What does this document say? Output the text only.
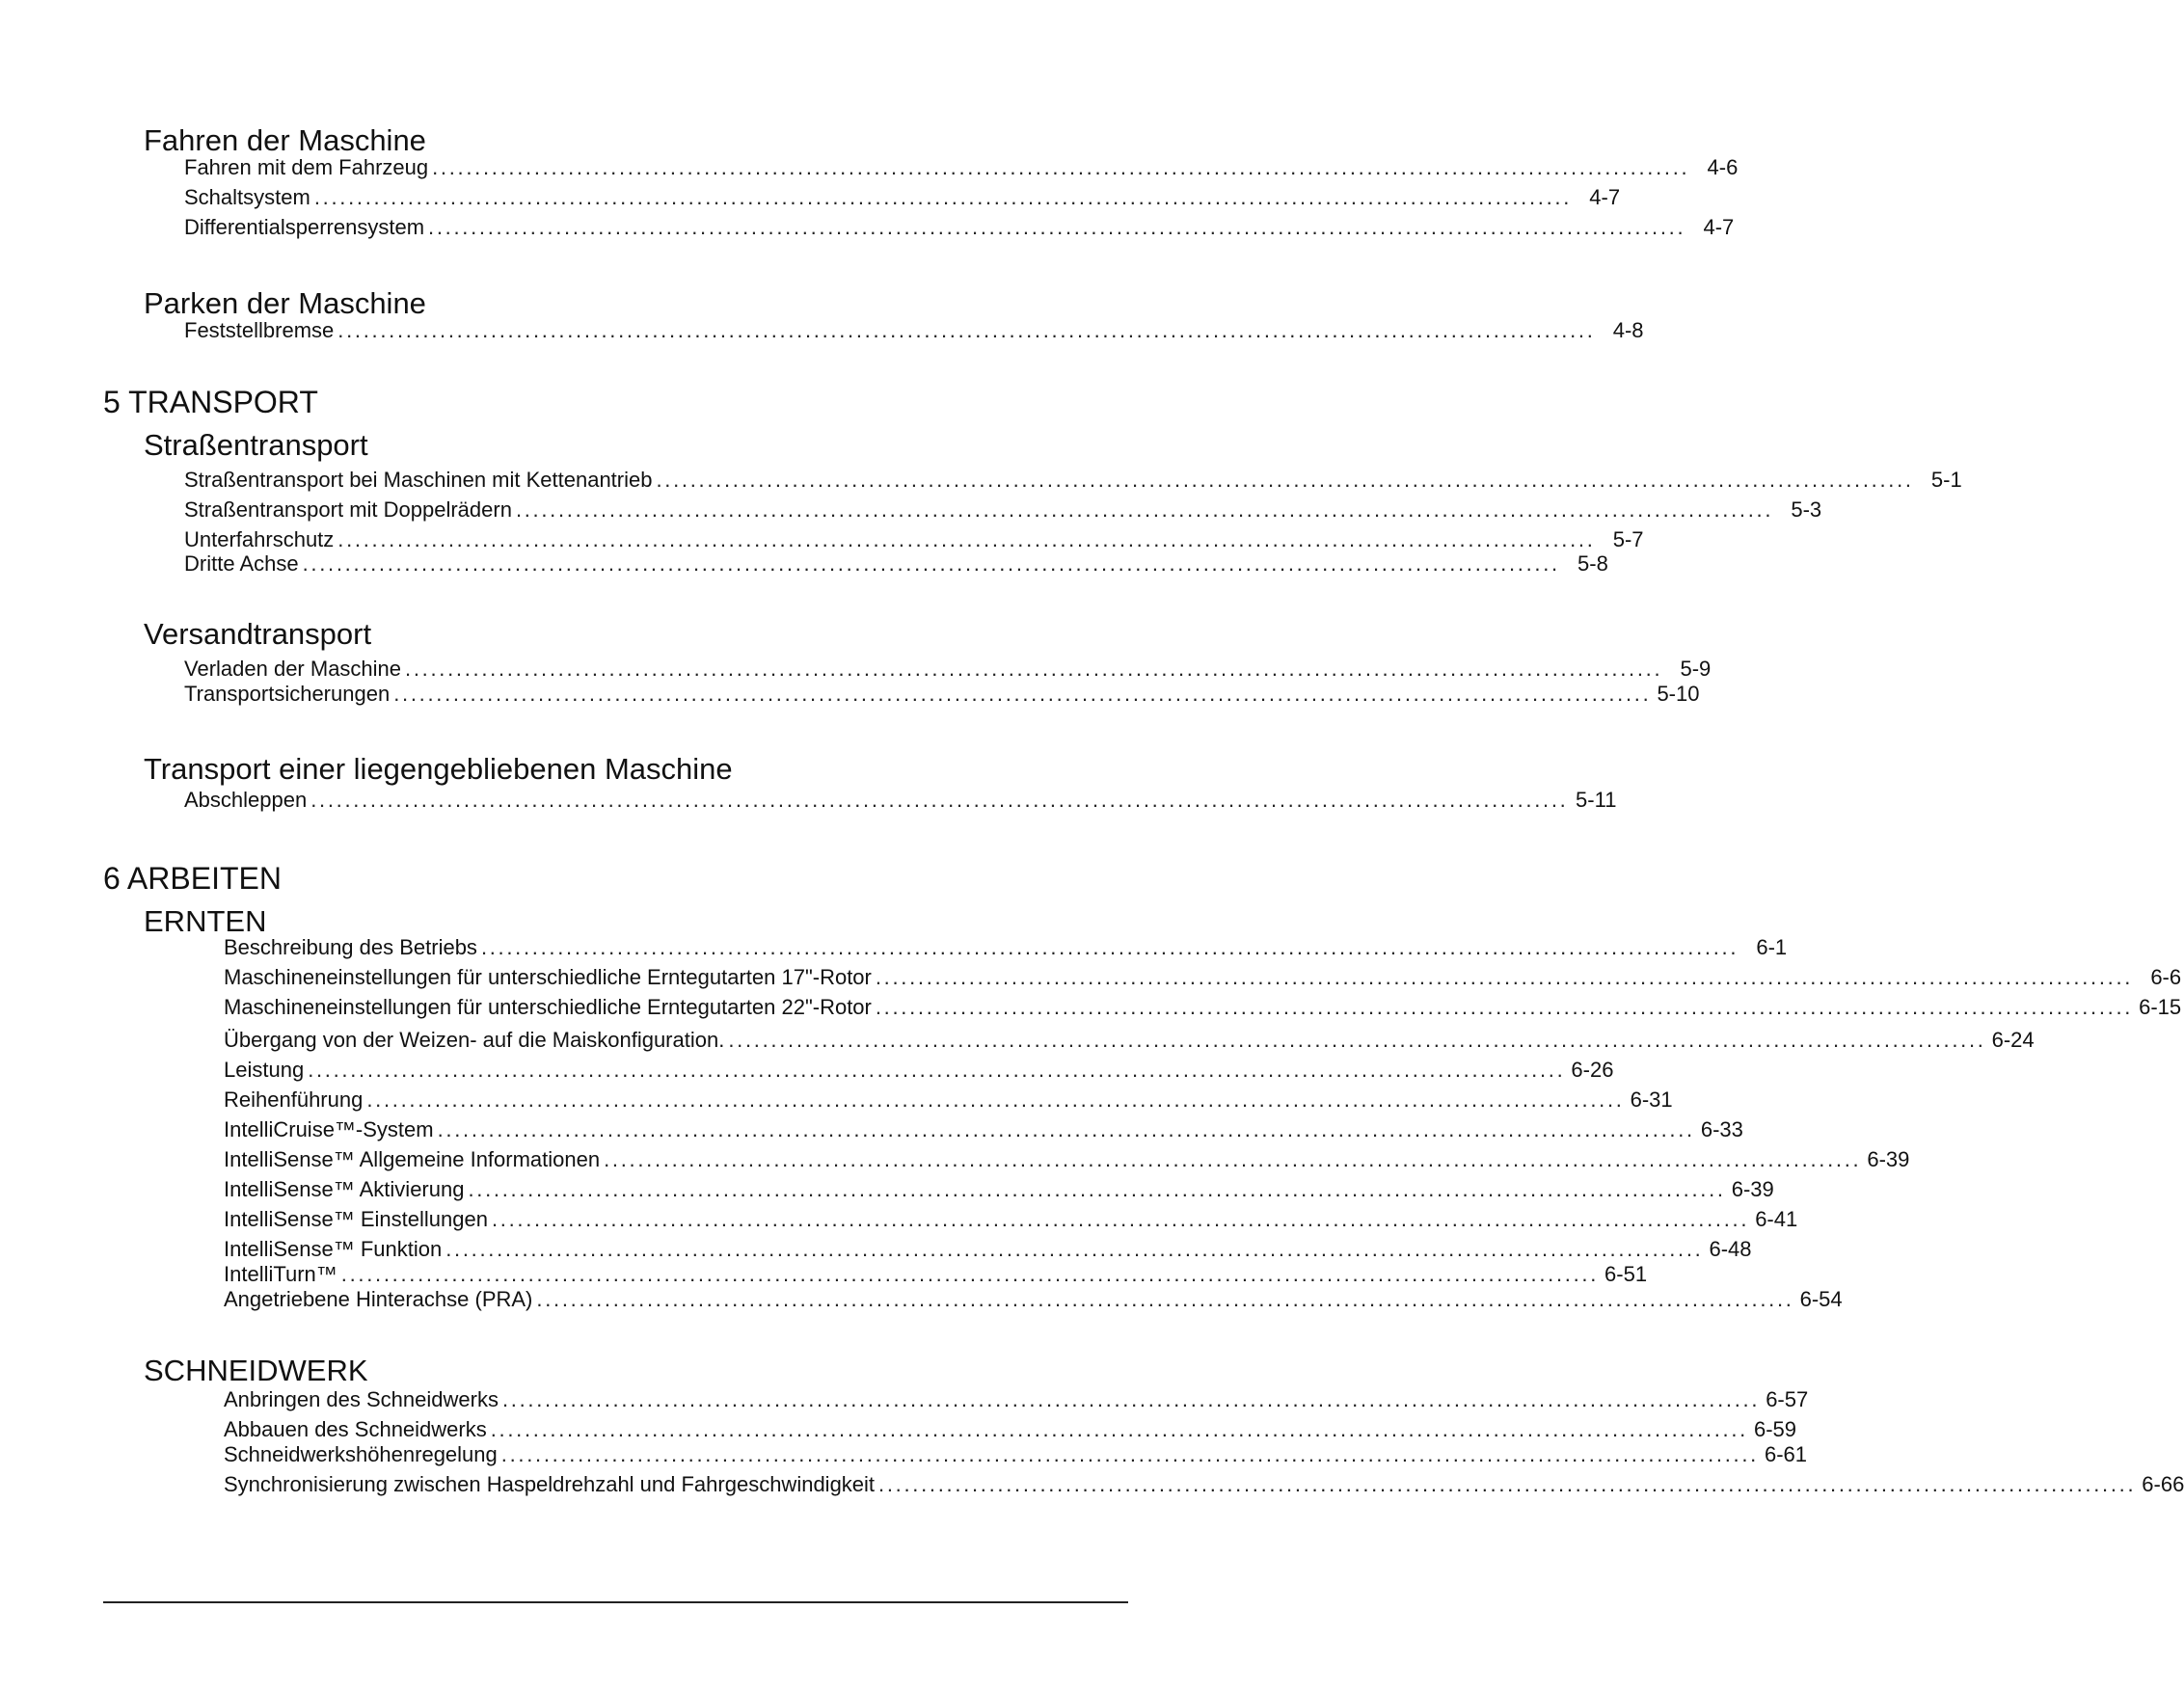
Fahren der Maschine
Fahren mit dem Fahrzeug .................................................................................................................................................... 4-6
Schaltsystem .................................................................................................................................................... 4-7
Differentialsperrensystem .................................................................................................................................................... 4-7
Parken der Maschine
Feststellbremse .................................................................................................................................................... 4-8
5 TRANSPORT
Straßentransport
Straßentransport bei Maschinen mit Kettenantrieb .................................................................................................................................................... 5-1
Straßentransport mit Doppelrädern .................................................................................................................................................... 5-3
Unterfahrschutz .................................................................................................................................................... 5-7
Dritte Achse .................................................................................................................................................... 5-8
Versandtransport
Verladen der Maschine .................................................................................................................................................... 5-9
Transportsicherungen .................................................................................................................................................... 5-10
Transport einer liegengebliebenen Maschine
Abschleppen .................................................................................................................................................... 5-11
6 ARBEITEN
ERNTEN
Beschreibung des Betriebs .................................................................................................................................................... 6-1
Maschineneinstellungen für unterschiedliche Erntegutarten 17"-Rotor .................................................................................................................................................... 6-6
Maschineneinstellungen für unterschiedliche Erntegutarten 22"-Rotor .................................................................................................................................................... 6-15
Übergang von der Weizen- auf die Maiskonfiguration. .................................................................................................................................................... 6-24
Leistung .................................................................................................................................................... 6-26
Reihenführung .................................................................................................................................................... 6-31
IntelliCruise™-System .................................................................................................................................................... 6-33
IntelliSense™ Allgemeine Informationen .................................................................................................................................................... 6-39
IntelliSense™ Aktivierung .................................................................................................................................................... 6-39
IntelliSense™ Einstellungen .................................................................................................................................................... 6-41
IntelliSense™ Funktion .................................................................................................................................................... 6-48
IntelliTurn™ .................................................................................................................................................... 6-51
Angetriebene Hinterachse (PRA) .................................................................................................................................................... 6-54
SCHNEIDWERK
Anbringen des Schneidwerks .................................................................................................................................................... 6-57
Abbauen des Schneidwerks .................................................................................................................................................... 6-59
Schneidwerkshöhenregelung .................................................................................................................................................... 6-61
Synchronisierung zwischen Haspeldrehzahl und Fahrgeschwindigkeit .................................................................................................................................................... 6-66
